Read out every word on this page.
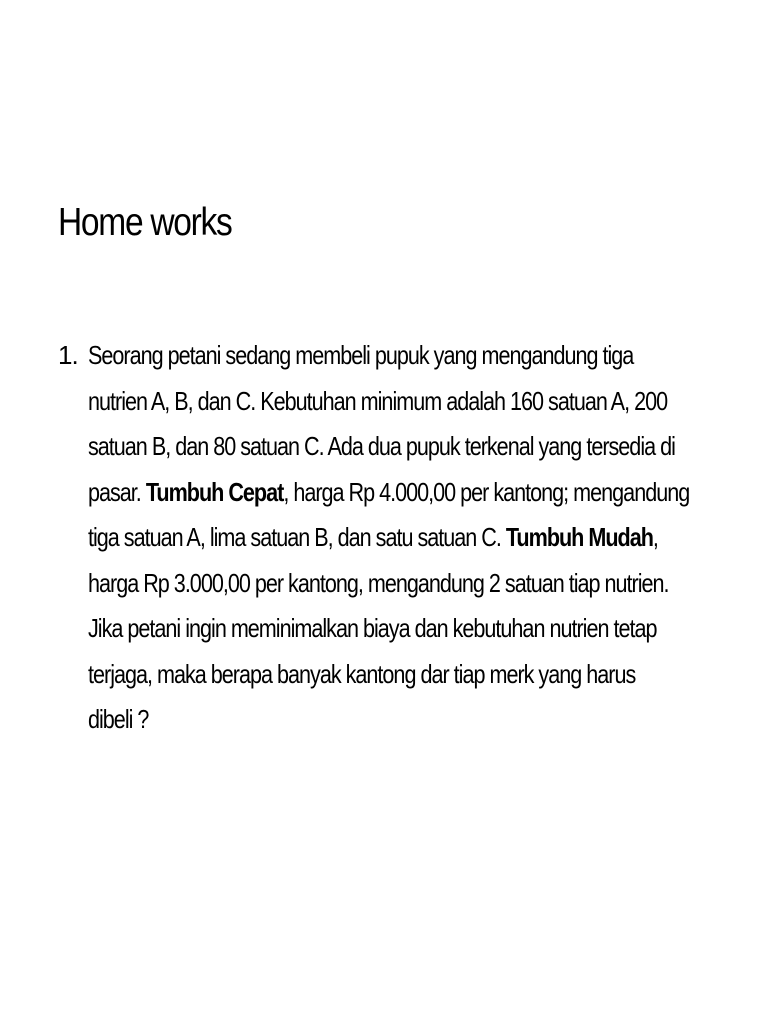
Home works
1. Seorang petani sedang membeli pupuk yang mengandung tiga
nutrien A, B, dan C. Kebutuhan minimum adalah 160 satuan A, 200
satuan B, dan 80 satuan C. Ada dua pupuk terkenal yang tersedia di
pasar. Tumbuh Cepat, harga Rp 4.000,00 per kantong; mengandung
tiga satuan A, lima satuan B, dan satu satuan C. Tumbuh Mudah,
harga Rp 3.000,00 per kantong, mengandung 2 satuan tiap nutrien.
Jika petani ingin meminimalkan biaya dan kebutuhan nutrien tetap
terjaga, maka berapa banyak kantong dar tiap merk yang harus
dibeli ?
